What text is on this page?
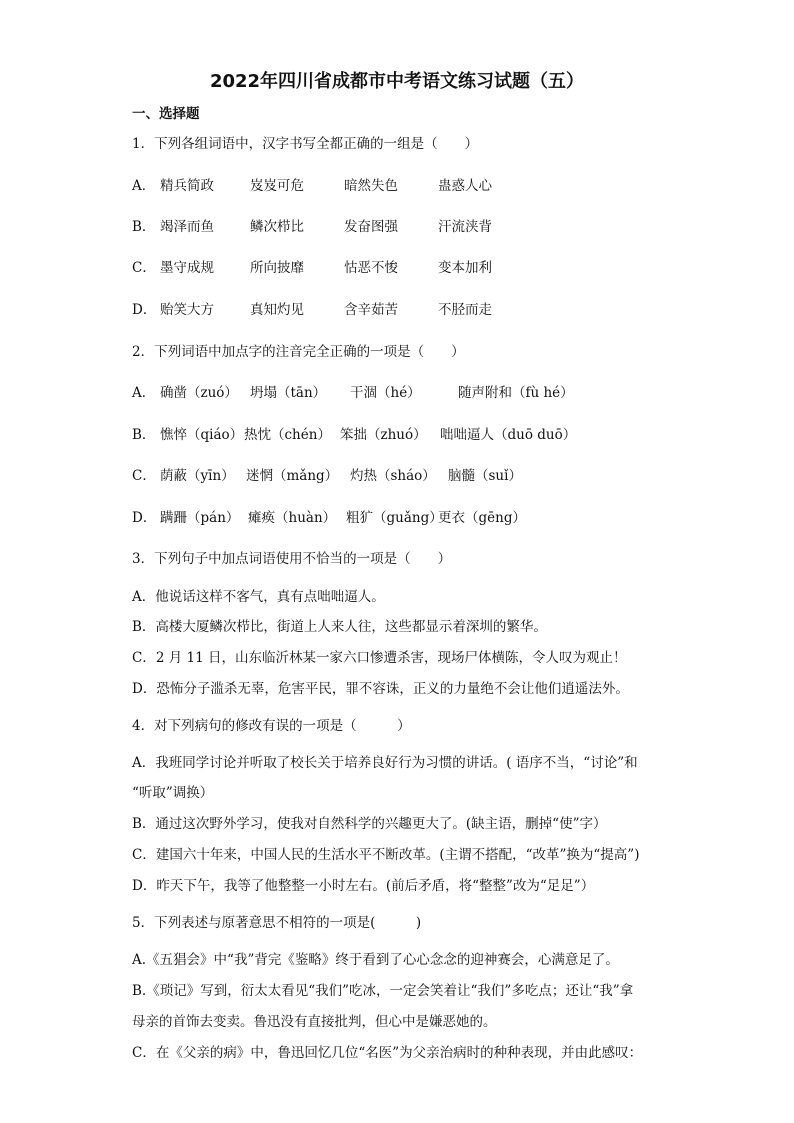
2022年四川省成都市中考语文练习试题（五）
一、选择题
1．下列各组词语中，汉字书写全都正确的一组是（　　）
A． 精兵简政	岌岌可危	暗然失色	蛊惑人心
B． 竭泽而鱼	鳞次栉比	发奋图强	汗流浃背
C． 墨守成规	所向披靡	怙恶不悛	变本加利
D． 贻笑大方	真知灼见	含辛茹苦	不胫而走
2．下列词语中加点字的注音完全正确的一项是（　　）
A． 确凿（zuó） 坍塌（tān） 干涸（hé）	随声附和（fù hé）
B． 憔悴（qiáo）热忱（chén） 笨拙（zhuó） 咄咄逼人（duō duō）
C． 荫蔽（yīn） 迷惘（mǎng） 灼热（sháo） 脑髓（suǐ）
D． 蹒跚（pán） 瘫痪（huàn） 粗犷（guǎng）更衣（gēng）
3．下列句子中加点词语使用不恰当的一项是（　　）
A．他说话这样不客气，真有点咄咄逼人。
B．高楼大厦鳞次栉比，街道上人来人往，这些都显示着深圳的繁华。
C．2 月 11 日，山东临沂林某一家六口惨遭杀害，现场尸体横陈，令人叹为观止！
D．恐怖分子滥杀无辜，危害平民，罪不容诛，正义的力量绝不会让他们逍遥法外。
4．对下列病句的修改有误的一项是（　　　）
A．我班同学讨论并听取了校长关于培养良好行为习惯的讲话。( 语序不当，“讨论”和
“听取”调换）
B．通过这次野外学习，使我对自然科学的兴趣更大了。(缺主语，删掉“使”字）
C．建国六十年来，中国人民的生活水平不断改革。(主谓不搭配，“改革”换为“提高”)
D．昨天下午，我等了他整整一小时左右。(前后矛盾，将“整整”改为“足足”）
5．下列表述与原著意思不相符的一项是(　　　)
A.《五猖会》中“我”背完《鉴略》终于看到了心心念念的迎神赛会，心满意足了。
B.《琐记》写到，衍太太看见“我们”吃冰，一定会笑着让“我们”多吃点；还让“我”拿
母亲的首饰去变卖。鲁迅没有直接批判，但心中是嫌恶她的。
C．在《父亲的病》中，鲁迅回忆几位“名医”为父亲治病时的种种表现，并由此感叹：
